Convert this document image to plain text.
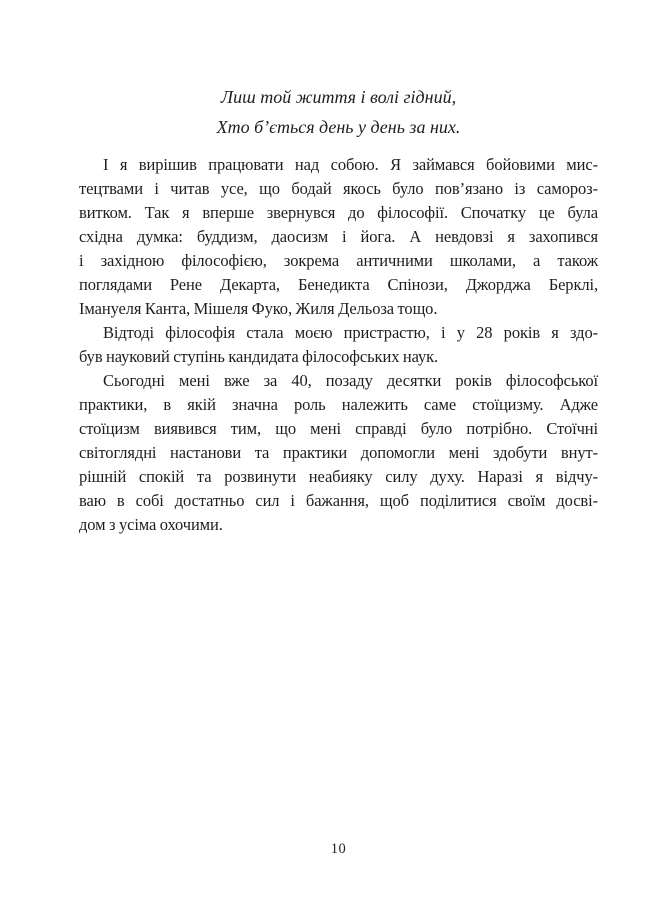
Лиш той життя і волі гідний,
Хто б’ється день у день за них.
І я вирішив працювати над собою. Я займався бойовими мис-
тецтвами і читав усе, що бодай якось було пов’язано із самороз-
витком. Так я вперше звернувся до філософії. Спочатку це була
східна думка: буддизм, даосизм і йога. А невдовзі я захопився
і західною філософією, зокрема античними школами, а також
поглядами Рене Декарта, Бенедикта Спінози, Джорджа Берклі,
Імануеля Канта, Мішеля Фуко, Жиля Дельоза тощо.
Відтоді філософія стала моєю пристрастю, і у 28 років я здо-
був науковий ступінь кандидата філософських наук.
Сьогодні мені вже за 40, позаду десятки років філософської
практики, в якій значна роль належить саме стоїцизму. Адже
стоїцизм виявився тим, що мені справді було потрібно. Стоїчні
світоглядні настанови та практики допомогли мені здобути внут-
рішній спокій та розвинути неабияку силу духу. Наразі я відчу-
ваю в собі достатньо сил і бажання, щоб поділитися своїм досві-
дом з усіма охочими.
10
